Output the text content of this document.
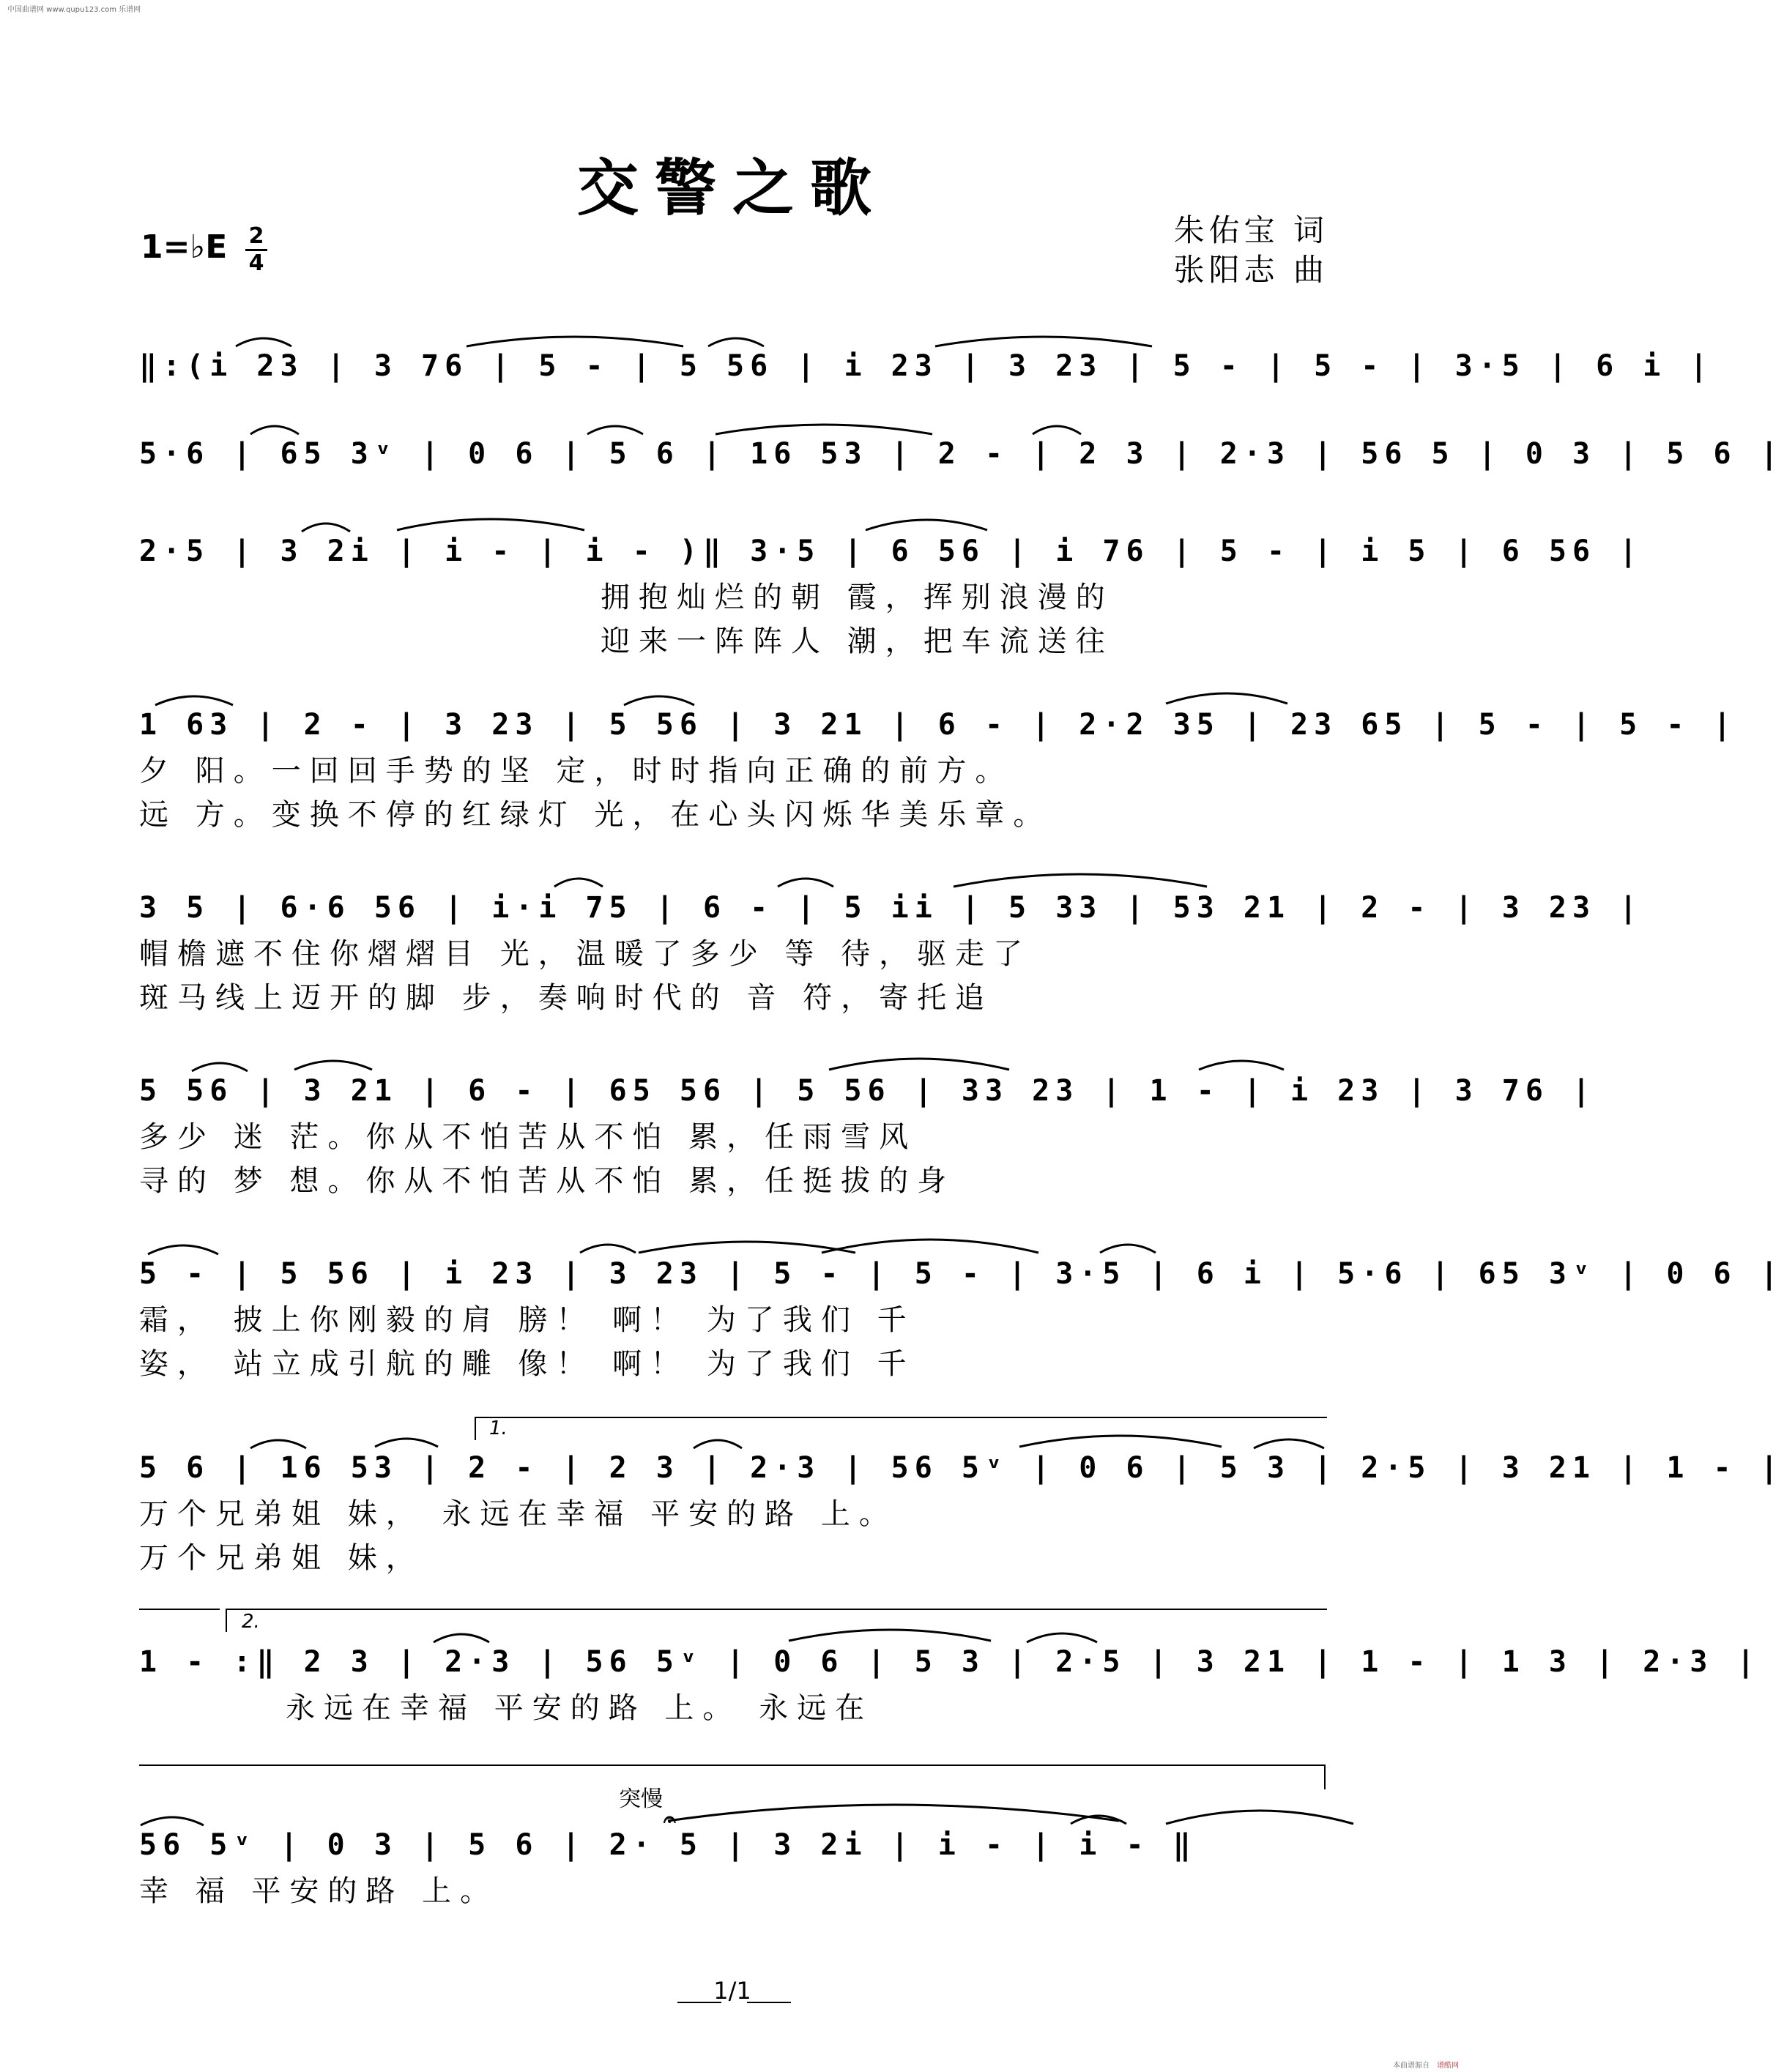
中国曲谱网 www.qupu123.com 乐谱网
交警之歌
1=♭E 2
4
朱佑宝 词
张阳志 曲
‖:(i 23 | 3 76 | 5 - | 5 56 | i 23 | 3 23 | 5 - | 5 - | 3·5 | 6 i |
5·6 | 65 3ᵛ | 0 6 | 5 6 | 16 53 | 2 - | 2 3 | 2·3 | 56 5 | 0 3 | 5 6 |
2·5 | 3 2i | i - | i - )‖ 3·5 | 6 56 | i 76 | 5 - | i 5 | 6 56 |
拥抱灿烂的朝 霞，挥别浪漫的
迎来一阵阵人 潮，把车流送往
1 63 | 2 - | 3 23 | 5 56 | 3 21 | 6 - | 2·2 35 | 23 65 | 5 - | 5 - |
夕 阳。一回回手势的坚 定，时时指向正确的前方。
远 方。变换不停的红绿灯 光，在心头闪烁华美乐章。
3 5 | 6·6 56 | i·i 75 | 6 - | 5 ii | 5 33 | 53 21 | 2 - | 3 23 |
帽檐遮不住你熠熠目 光，温暖了多少 等 待，驱走了
斑马线上迈开的脚 步，奏响时代的 音 符，寄托追
5 56 | 3 21 | 6 - | 65 56 | 5 56 | 33 23 | 1 - | i 23 | 3 76 |
多少 迷 茫。你从不怕苦从不怕 累，任雨雪风
寻的 梦 想。你从不怕苦从不怕 累，任挺拔的身
5 - | 5 56 | i 23 | 3 23 | 5 - | 5 - | 3·5 | 6 i | 5·6 | 65 3ᵛ | 0 6 |
霜， 披上你刚毅的肩 膀！ 啊！ 为了我们 千
姿， 站立成引航的雕 像！ 啊！ 为了我们 千
1.
5 6 | 16 53 | 2 - | 2 3 | 2·3 | 56 5ᵛ | 0 6 | 5 3 | 2·5 | 3 21 | 1 - |
万个兄弟姐 妹， 永远在幸福 平安的路 上。
万个兄弟姐 妹，
2.
1 - :‖ 2 3 | 2·3 | 56 5ᵛ | 0 6 | 5 3 | 2·5 | 3 21 | 1 - | 1 3 | 2·3 |
永远在幸福 平安的路 上。 永远在
突慢
𝄐
56 5ᵛ | 0 3 | 5 6 | 2· 5 | 3 2i | i - | i - ‖
幸 福 平安的路 上。
1/1
本曲谱源自 谱酷网
